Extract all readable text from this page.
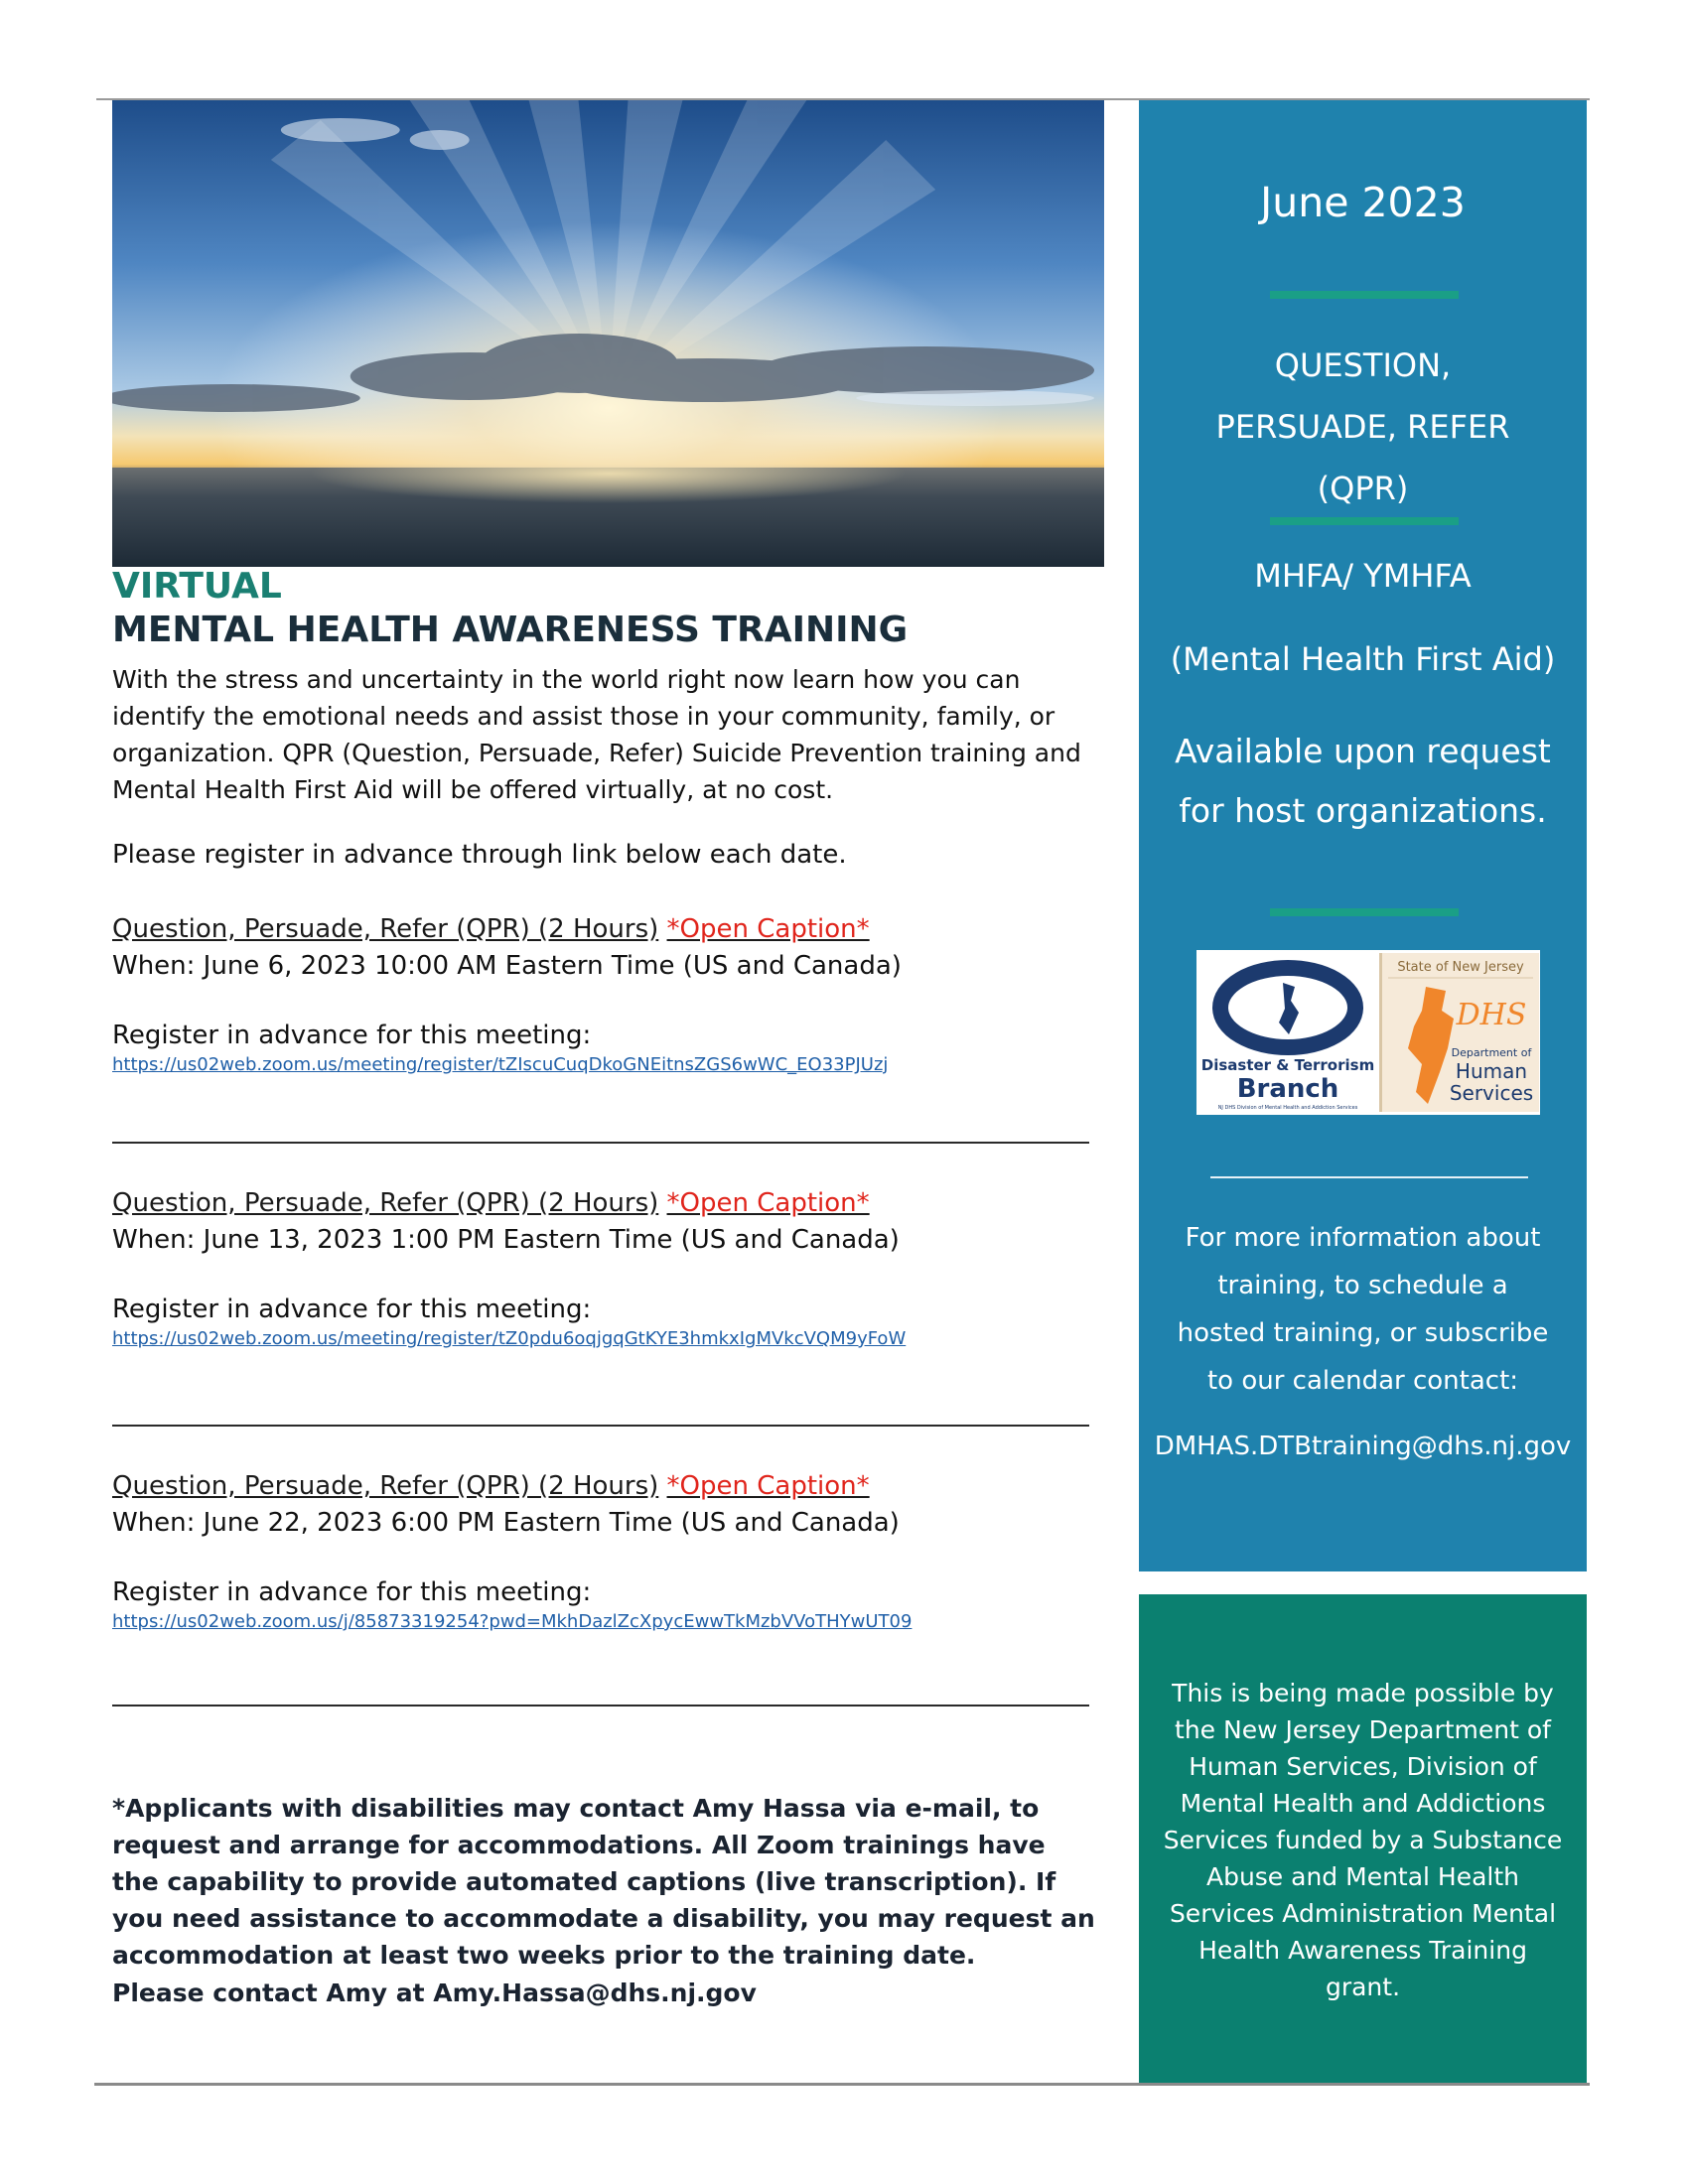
VIRTUAL
MENTAL HEALTH AWARENESS TRAINING
With the stress and uncertainty in the world right now learn how you can identify the emotional needs and assist those in your community, family, or organization. QPR (Question, Persuade, Refer) Suicide Prevention training and Mental Health First Aid will be offered virtually, at no cost.
Please register in advance through link below each date.
Question, Persuade, Refer (QPR) (2 Hours) *Open Caption*
When: June 6, 2023 10:00 AM Eastern Time (US and Canada)
Register in advance for this meeting:
https://us02web.zoom.us/meeting/register/tZIscuCuqDkoGNEitnsZGS6wWC_EO33PJUzj
Question, Persuade, Refer (QPR) (2 Hours) *Open Caption*
When: June 13, 2023 1:00 PM Eastern Time (US and Canada)
Register in advance for this meeting:
https://us02web.zoom.us/meeting/register/tZ0pdu6oqjgqGtKYE3hmkxIgMVkcVQM9yFoW
Question, Persuade, Refer (QPR) (2 Hours) *Open Caption*
When: June 22, 2023 6:00 PM Eastern Time (US and Canada)
Register in advance for this meeting:
https://us02web.zoom.us/j/85873319254?pwd=MkhDazlZcXpycEwwTkMzbVVoTHYwUT09
*Applicants with disabilities may contact Amy Hassa via e-mail, to request and arrange for accommodations. All Zoom trainings have the capability to provide automated captions (live transcription). If you need assistance to accommodate a disability, you may request an accommodation at least two weeks prior to the training date.
Please contact Amy at Amy.Hassa@dhs.nj.gov
June 2023
QUESTION, PERSUADE, REFER (QPR)
MHFA/ YMHFA
(Mental Health First Aid)
Available upon request for host organizations.
Disaster & Terrorism
Branch
NJ DHS Division of Mental Health and Addiction Services
State of New Jersey
DHS
Department of
Human
Services
For more information about training, to schedule a hosted training, or subscribe to our calendar contact:
DMHAS.DTBtraining@dhs.nj.gov
This is being made possible by the New Jersey Department of Human Services, Division of Mental Health and Addictions Services funded by a Substance Abuse and Mental Health Services Administration Mental Health Awareness Training grant.
